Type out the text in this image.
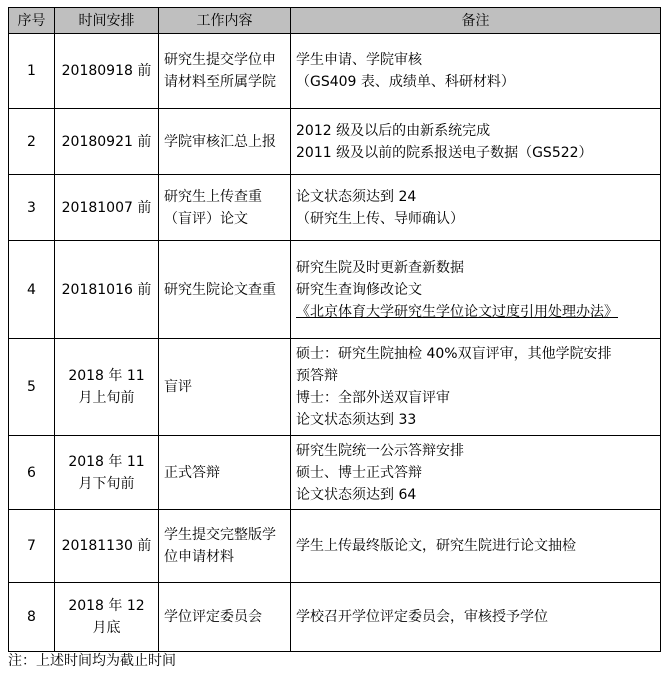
序号	时间安排	工作内容	备注
1	20180918 前	研究生提交学位申请材料至所属学院	学生申请、学院审核
（GS409 表、成绩单、科研材料）

2	20180921 前	学院审核汇总上报	2012 级及以后的由新系统完成
2011 级及以前的院系报送电子数据（GS522）

3	20181007 前	研究生上传查重（盲评）论文	论文状态须达到 24
（研究生上传、导师确认）

4	20181016 前	研究生院论文查重	研究生院及时更新查新数据
研究生查询修改论文
《北京体育大学研究生学位论文过度引用处理办法》
5	2018 年 11 月上旬前	盲评	硕士：研究生院抽检 40%双盲评审，其他学院安排
预答辩
博士：全部外送双盲评审
论文状态须达到 33

6	2018 年 11 月下旬前	正式答辩	研究生院统一公示答辩安排
硕士、博士正式答辩
论文状态须达到 64

7	20181130 前	学生提交完整版学位申请材料	学生上传最终版论文，研究生院进行论文抽检

8	2018 年 12 月底	学位评定委员会	学校召开学位评定委员会，审核授予学位
注：上述时间均为截止时间
